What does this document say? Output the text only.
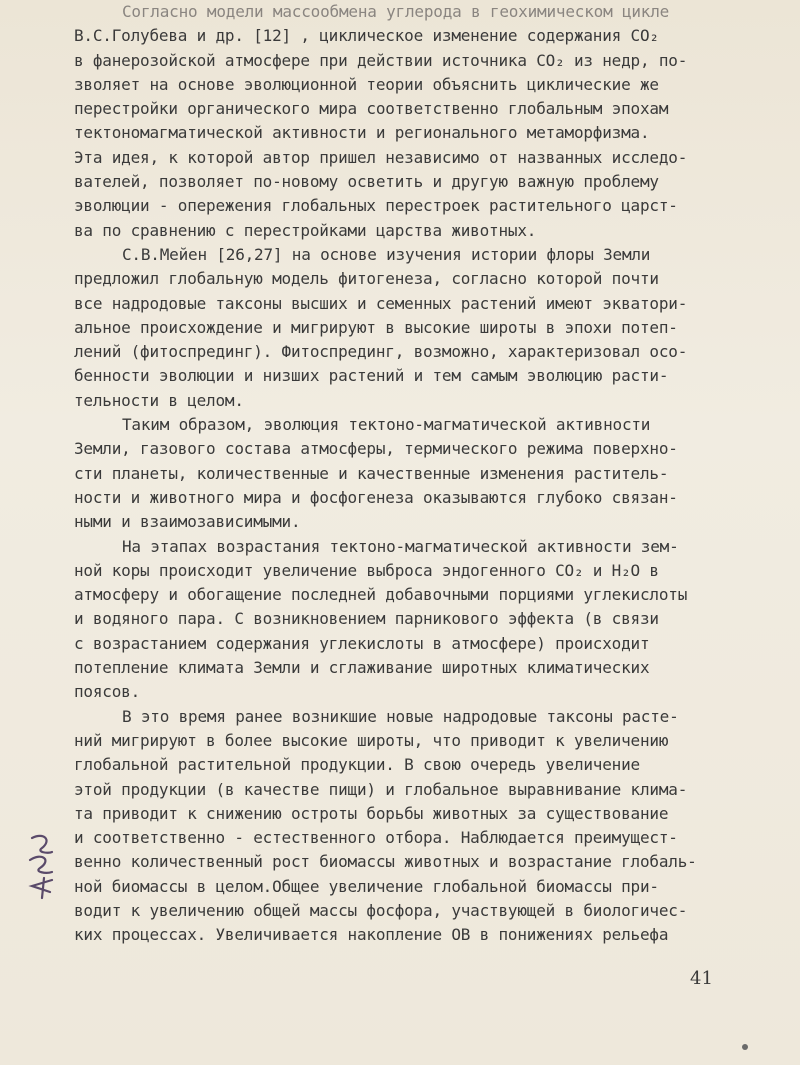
Согласно модели массообмена углерода в геохимическом цикле
В.С.Голубева и др. [12] , циклическое изменение содержания CO₂
в фанерозойской атмосфере при действии источника CO₂ из недр, по-
зволяет на основе эволюционной теории объяснить циклические же
перестройки органического мира соответственно глобальным эпохам
тектономагматической активности и регионального метаморфизма.
Эта идея, к которой автор пришел независимо от названных исследо-
вателей, позволяет по-новому осветить и другую важную проблему
эволюции - опережения глобальных перестроек растительного царст-
ва по сравнению с перестройками царства животных.
С.В.Мейен [26,27] на основе изучения истории флоры Земли
предложил глобальную модель фитогенеза, согласно которой почти
все надродовые таксоны высших и семенных растений имеют экватори-
альное происхождение и мигрируют в высокие широты в эпохи потеп-
лений (фитоспрединг). Фитоспрединг, возможно, характеризовал осо-
бенности эволюции и низших растений и тем самым эволюцию расти-
тельности в целом.
Таким образом, эволюция тектоно-магматической активности
Земли, газового состава атмосферы, термического режима поверхно-
сти планеты, количественные и качественные изменения раститель-
ности и животного мира и фосфогенеза оказываются глубоко связан-
ными и взаимозависимыми.
На этапах возрастания тектоно-магматической активности зем-
ной коры происходит увеличение выброса эндогенного CO₂ и H₂O в
атмосферу и обогащение последней добавочными порциями углекислоты
и водяного пара. С возникновением парникового эффекта (в связи
с возрастанием содержания углекислоты в атмосфере) происходит
потепление климата Земли и сглаживание широтных климатических
поясов.
В это время ранее возникшие новые надродовые таксоны расте-
ний мигрируют в более высокие широты, что приводит к увеличению
глобальной растительной продукции. В свою очередь увеличение
этой продукции (в качестве пищи) и глобальное выравнивание клима-
та приводит к снижению остроты борьбы животных за существование
и соответственно - естественного отбора. Наблюдается преимущест-
венно количественный рост биомассы животных и возрастание глобаль-
ной биомассы в целом.Общее увеличение глобальной биомассы при-
водит к увеличению общей массы фосфора, участвующей в биологичес-
ких процессах. Увеличивается накопление ОВ в понижениях рельефа
41
